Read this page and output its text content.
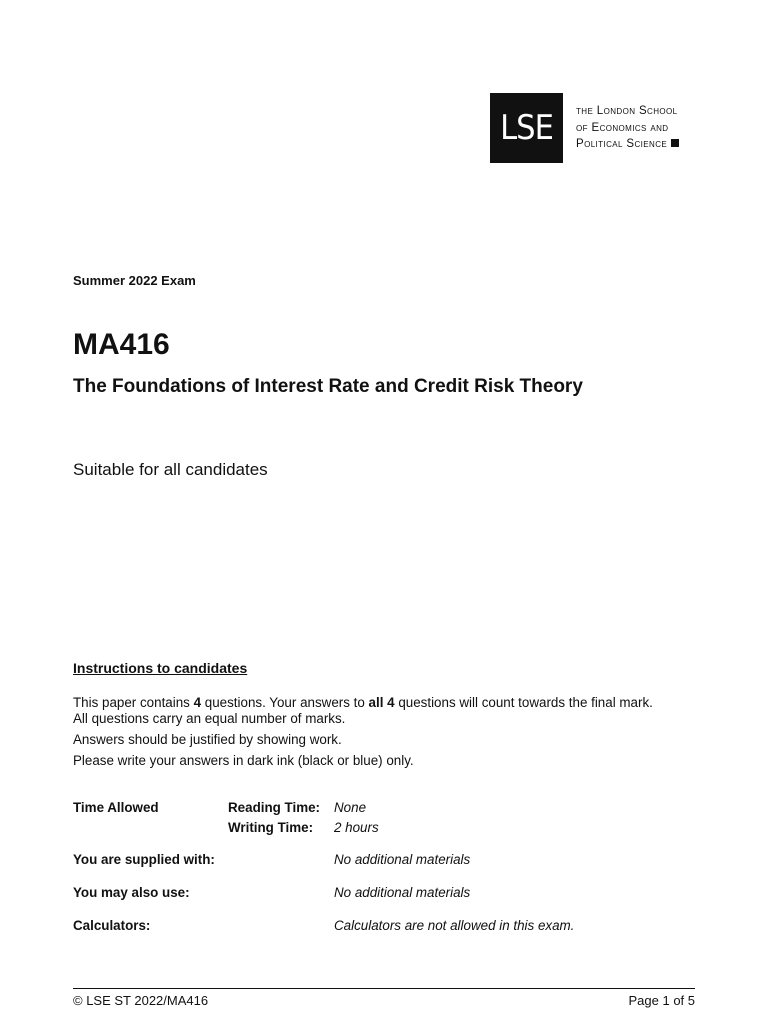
LSE	the London School
of Economics and
Political Science
Summer 2022 Exam
MA416
The Foundations of Interest Rate and Credit Risk Theory
Suitable for all candidates
Instructions to candidates

This paper contains 4 questions. Your answers to all 4 questions will count towards the final mark.

All questions carry an equal number of marks.

Answers should be justified by showing work.

Please write your answers in dark ink (black or blue) only.

Time Allowed	Reading Time: None
Writing Time: 2 hours
You are supplied with:	No additional materials
You may also use:	No additional materials
Calculators:	Calculators are not allowed in this exam.
© LSE ST 2022/MA416	Page 1 of 5
